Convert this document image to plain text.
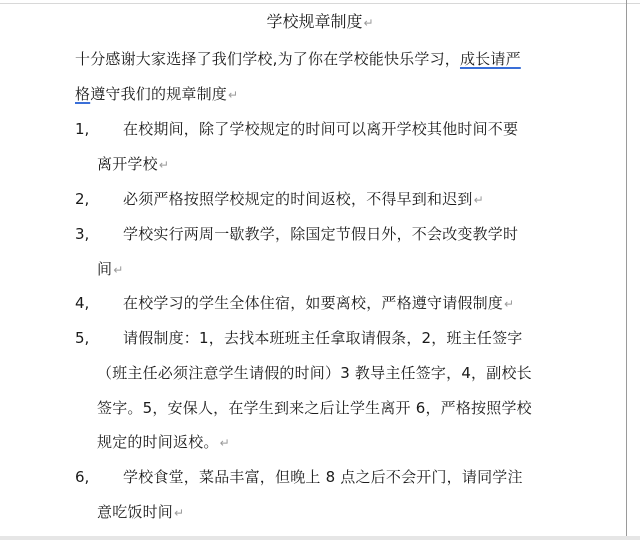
学校规章制度↵
十分感谢大家选择了我们学校,为了你在学校能快乐学习，成长请严
格遵守我们的规章制度↵
1, 在校期间，除了学校规定的时间可以离开学校其他时间不要
离开学校↵
2, 必须严格按照学校规定的时间返校，不得早到和迟到↵
3, 学校实行两周一歇教学，除国定节假日外，不会改变教学时
间↵
4, 在校学习的学生全体住宿，如要离校，严格遵守请假制度↵
5, 请假制度：1，去找本班班主任拿取请假条，2，班主任签字
（班主任必须注意学生请假的时间）3 教导主任签字，4，副校长
签字。5，安保人，在学生到来之后让学生离开 6，严格按照学校
规定的时间返校。↵
6, 学校食堂，菜品丰富，但晚上 8 点之后不会开门，请同学注
意吃饭时间↵
